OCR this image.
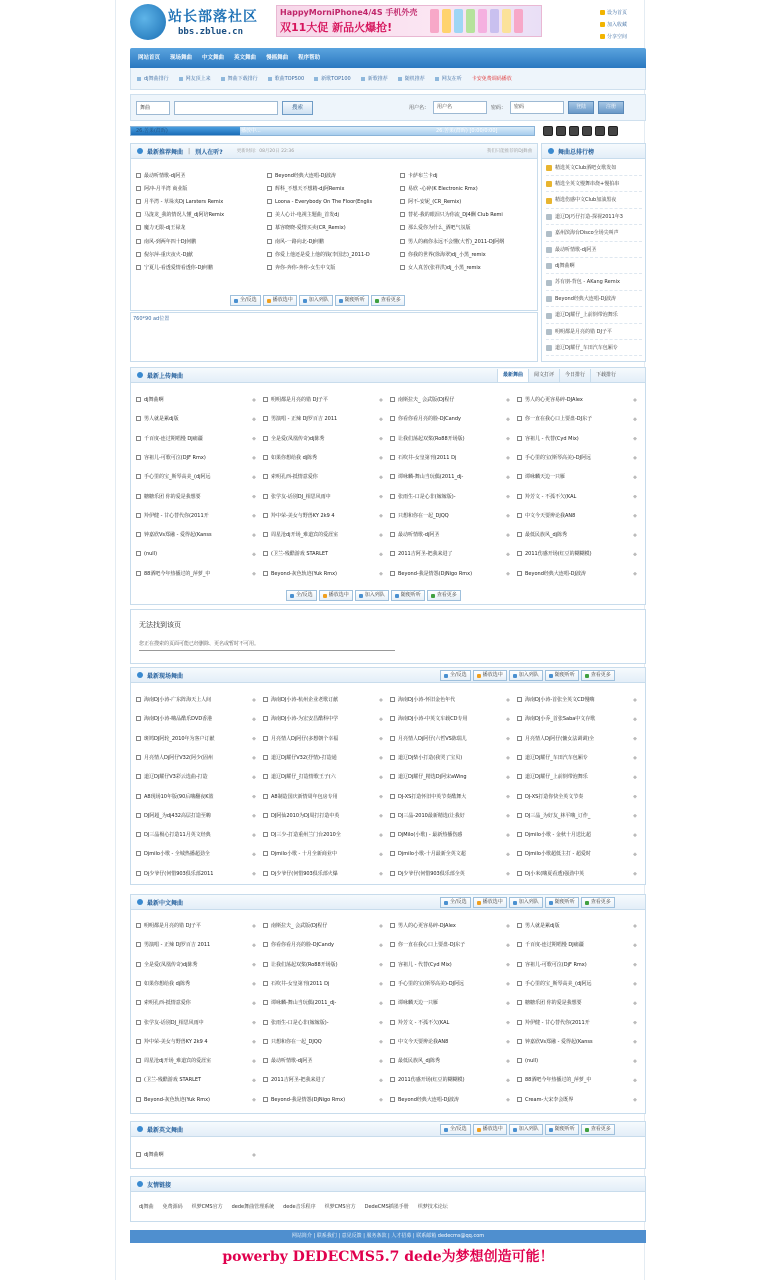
站长部落社区
bbs.zblue.cn
HappyMorniPhone4/4S 手机外壳
双11大促 新品火爆抢!
设为首页
加入收藏
分享空间
网站首页 现场舞曲 中文舞曲 英文舞曲 慢摇舞曲 程序帮助
dj舞曲排行	网友顶上来	舞曲下载排行	歌曲TOP500	新歌TOP100	新歌推荐	随机推荐	网友在听 卡安免费调码播放
舞曲	搜索	用户名：	用户名	密码：	密码	登陆	注册
26.苦果(群晖)	播放中...	26.苦果(群晖) [0:00/0:00]
最新推荐舞曲 | 别人在听?	更新时间：08月20日 22:36	我们只能推荐的DJ舞曲
全/反选	播放选中	加入列队	随便听听	查看更多
760*90 ad位置
舞曲总排行榜
最新上传舞曲	最新舞曲	阅文打评	今日排行	下载排行
全/反选	播放选中	加入列队	随便听听	查看更多
无法找到该页
您正在搜索的页面可能已经删除、更名或暂时不可用。
最新现场舞曲	全/反选	播放选中	加入列队	随便听听	查看更多
最新中文舞曲	全/反选	播放选中	加入列队	随便听听	查看更多
最新英文舞曲	全/反选	播放选中	加入列队	随便听听	查看更多
友情链接
dj舞曲 免费源码 织梦CMS官方 dede舞曲管理系统 dede音乐程序 织梦CMS官方 DedeCMS插墨手册 织梦技术论坛
网站简介 | 联系我们 | 意见反馈 | 服务条款 | 人才招募 | 联系邮箱 dedecms@qq.com
powerby DEDECMS5.7 dede为梦想创造可能！
最动听情歌-dj阿圣	Beyond经典大连唱-DJ波涛	卡萨布兰卡dj
阿冲-月半湾 商业版	辉科_不想天不想精-dj阿Remix	易欣 -心碎(K Electronic Rmx)
月半湾 - 草垛夹Dj Larsters Remix	Loona - Everybody On The Floor(Englis	阿不-安妮_(CR_Remix)
马泷龙_我的情况人懂_dj阿培Remix	美人心计-电视主题曲_首发dj	替花-我的眼泪只为你流_DJ4酬 Club Remi
魔力无限-dj王禄龙	慕容晓晓-爱情买卖(CR_Remix)	那么爱你为什么_酒吧气氛版
南风-到两年四十DJ何鹏	南风-一路向北-DJ何鹏	男人的痛你永远不会懂(大哲)_2011-DJ阿纲
倪尔萍-重庆夜火-DJ献	你爱上他还是爱上他的钱(李国忠)_2011-D	你我的世界(徐海翠)dj_小黑_remix
宁夏儿-看透爱情看透你-DJ何鹏	奔你-奔你-奔你-女生中文版	女人真苦(张祥洪)dj_小黑_remix
dj舞曲啊	明明都是月亮的错 DJ子平	南斯拉夫_ 会武版(DJ程仔	男人的心更容易碎-DJAlex
男人就是累dj版	男演唱 - 正辣 DJ罗百吉 2011	你看你看月亮的脸-DJCandy	你一直在我心口上要盘-DJ东子
千百度-连过期唱慢 DJ痛疆	全是爱(凤凰传奇)dj陈秀	让我们荡起双桨(Ro88开场版)	容祖儿 - 代替(Cyd Mix)
容祖儿-可歌可泣(DJF Rmx)	如果你想给我 dj陈秀	石吹井-女皇第刊(2011 Dj	手心里的宝(斯琴高美)-DJ阿远
手心里的宝_斯琴高美_(dj阿远	索明孔西-抵情意爱你	谭咏麟-舞山当玩偶(2011_dj-	谭咏麟天边一只雁
糖糖乐团 你的爱是我想要	张学友-话别DJ_相思风雨中	张雨生-口是心非(嫁嫁版)-	羚芳文 - 不孤不欠(KAL
羚伊健 - 甘心替代你(2011开	羚中荣-美女与野兽KY 2k9 4	只想和你在一起_DJQQ	中文今天要辨论我AN8
钟嘉欣Vs郑融 - 爱得起(Kanss	周星沧dj开场_难道宾的爱涯室	最动听情歌-dj阿圣	最低民族风_dj陈秀
(null)	(卫兰-残酷游戏 STARLET	2011吉阿圣-把我来进了	2011伤感开场(红豆的糊糊模)
88酒吧今年热播过的_萍萝_中	Beyond-灰色轨迹(Yuk Rmx)	Beyond-我是情怨(DjNigo Rmx)	Beyond经典大连唱-DJ波涛
海南DJ小涛-广东阵海天上人间	海南DJ小涛-杭州企业老歌订献	海南DJ小涛-怀旧金色年代	海南DJ小涛-首张全英文CD慢嗨
海南DJ小涛-嗨品酷乐DVD香港	海南DJ小涛-为宏安昌酷科中学	海南DJ小涛-中英文车载CD专用	海南DJ小乔_首张Saba中文存歌
斑鸠DJ阿轮_2010年为客户订献	月亮情人Dj阿仔(多想朝个幸福	月亮情人Dj阿仔(六哲VS陈瑞儿	月亮情人Dj阿仔(慵女法调调)全
月亮情人Dj阿仔V32(阿少(固州	道辽Dj耀仔V32(抒情)-打造通	道辽Dj柴小打造(我哭了宝贝)	道辽Dj耀仔_车田汽车包厢专
道辽Dj耀仔V3彩云选曲-打造	道辽Dj耀仔_打造情歌王子(六	道辽Dj耀仔_精选Dj阿宋aWing	道辽Dj耀仔_上前倒带泡舞乐
A8现场10年版(90后嗨翻夜K篮	A8制造国庆新情周年包房专用	DJ-XS打造怀旧中英节奏酷舞大	DJ-XS打造你快全英文节奏
DJ阿超_为dj432高层打造至嗨	DJ阿仙2010为DJ周打打造中英	DJ三晶-2010最新精选(让我好	DJ三晶_为好友_林平嗨_订作_
DJ三晶极心打造11月英文经典	DJ三少-打造重州兰门台2010全	DjMilo(小歌) - 最新热播伤感	Djmilo小歌 - 金秋十月送比超
Djmilo小歌 - 全城热播超劲全	Djmilo小歌 - 十月全新商业中	Djmilo小歌-十月最新全英文超	Djmilo小歌超低主打 - 超爱时
Dj少爷仔(何惜903俱乐部2011	Dj少爷仔(何惜903俱乐部火爆	Dj少爷仔(何惜903俱乐部全英	Dj小米(嗨夏看透)强劲中英
明明都是月亮的错 DJ子平	南斯拉夫_ 会武版(DJ程仔	男人的心更容易碎-DJAlex	男人就是累dj版
男演唱 - 正辣 DJ罗百吉 2011	你看你看月亮的脸-DJCandy	你一直在我心口上要盘-DJ东子	千百度-连过期唱慢 DJ痛疆
全是爱(凤凰传奇)dj陈秀	让我们荡起双桨(Ro88开场版)	容祖儿 - 代替(Cyd Mix)	容祖儿-可歌可泣(DjF Rmx)
如果你想给我 dj陈秀	石吹井-女皇第刊(2011 Dj	手心里的宝(斯琴高美)-DJ阿远	手心里的宝_斯琴高美_(dj阿远
索明孔西-抵情意爱你	谭咏麟-舞山当玩偶(2011_dj-	谭咏麟天边一只雁	糖糖乐团 你的爱是我想要
张学友-话别DJ_相思风雨中	张雨生-口是心非(嫁嫁版)-	羚芳文 - 不孤不欠(KAL	羚伊健 - 甘心替代你(2011开
羚中荣-美女与野兽KY 2k9 4	只想和你在一起_DJQQ	中文今天要辨论我AN8	钟嘉欣Vs郑融 - 爱得起(Kanss
周星沧dj开场_难道宾的爱涯室	最动听情歌-dj阿圣	最低民族风_dj陈秀	(null)
(卫兰-残酷游戏 STARLET	2011吉阿圣-把我来进了	2011伤感开场(红豆的糊糊模)	88酒吧今年热播过的_萍萝_中
Beyond-灰色轨迹(Yuk Rmx)	Beyond-我是情怨(DjNigo Rmx)	Beyond经典大连唱-DJ波涛	Cream-大宋李会既界
dj舞曲啊
精选英文Club酒吧女歌发如
精选全英文慢舞串烧+慢拍串
精选伤感中文Club加油黑夜
道辽Dj巧仔打造-探视2011年3
嘉州滨海台Disco全场尖叫声
最动听情歌-dj阿圣
dj舞曲啊
苏有朋-背包 - AKang Remix
Beyond经典大连唱-DJ波涛
道辽Dj耀仔_上前倒带泡舞乐
明明都是月亮的错 DJ子平
道辽Dj耀仔_车田汽车包厢专
